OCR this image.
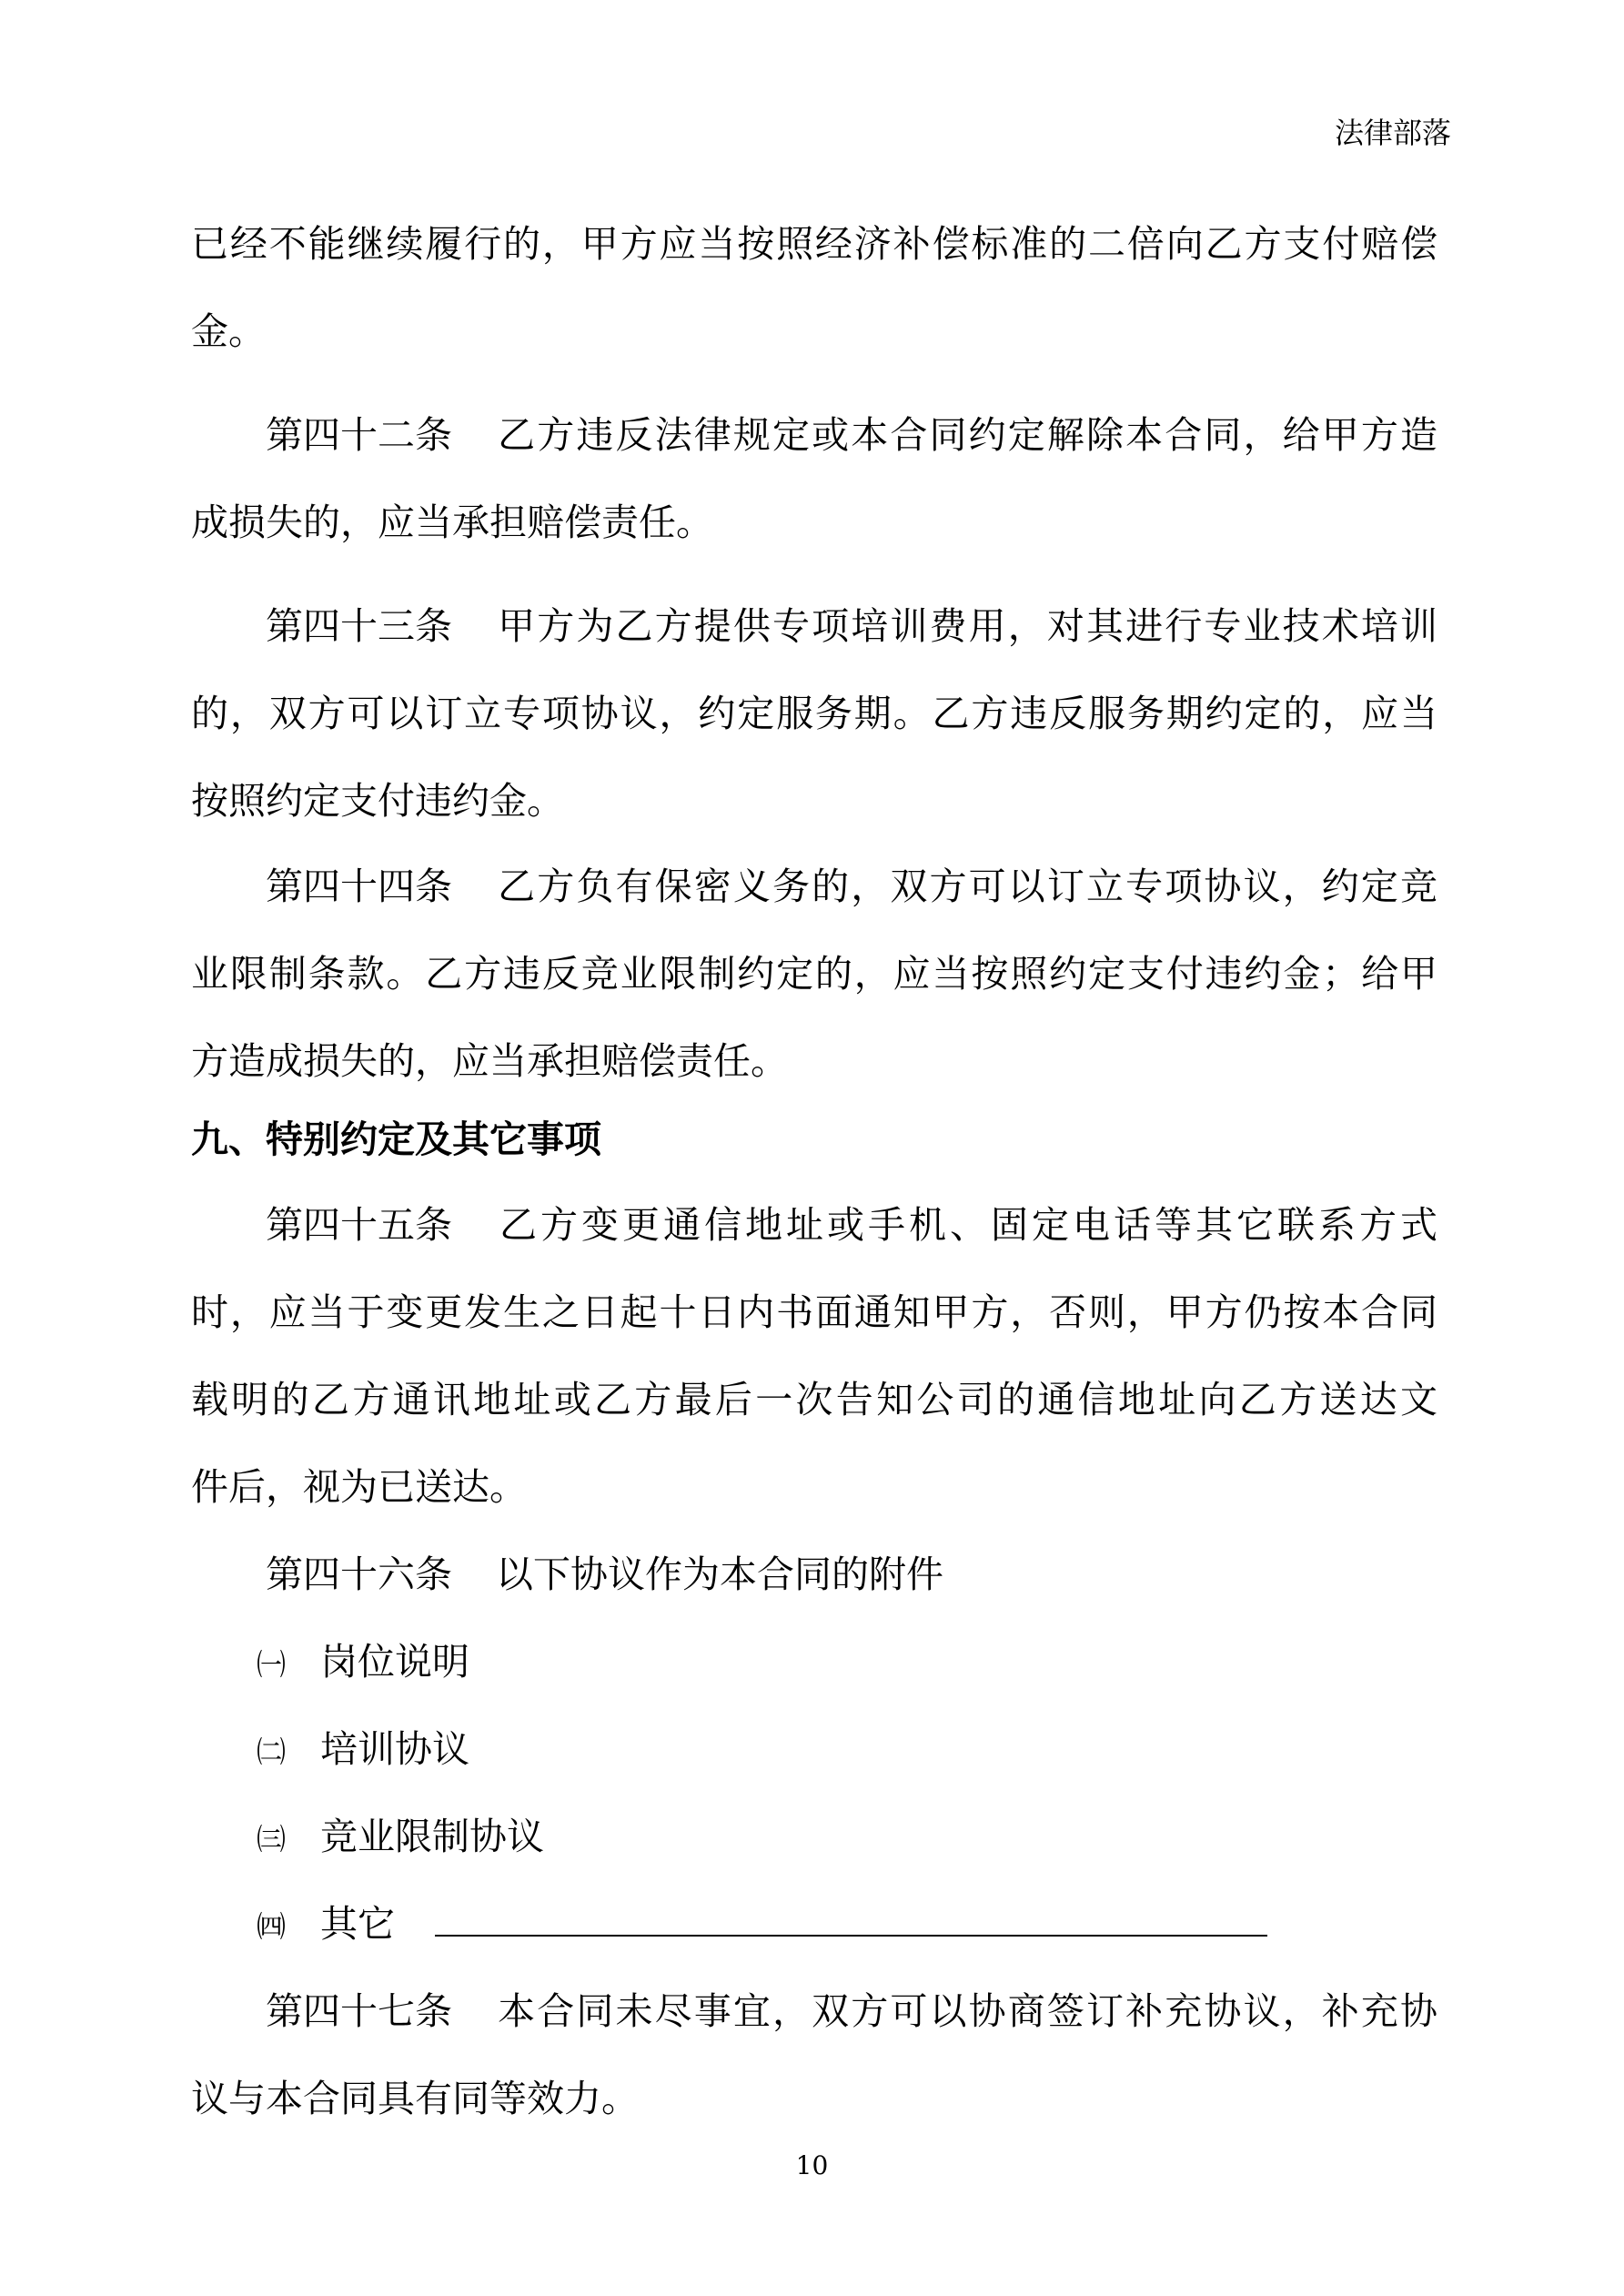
法律部落
已经不能继续履行的，甲方应当按照经济补偿标准的二倍向乙方支付赔偿
金。
第四十二条 乙方违反法律规定或本合同约定解除本合同，给甲方造
成损失的，应当承担赔偿责任。
第四十三条 甲方为乙方提供专项培训费用，对其进行专业技术培训
的，双方可以订立专项协议，约定服务期。乙方违反服务期约定的，应当
按照约定支付违约金。
第四十四条 乙方负有保密义务的，双方可以订立专项协议，约定竞
业限制条款。乙方违反竞业限制约定的，应当按照约定支付违约金；给甲
方造成损失的，应当承担赔偿责任。
九、特别约定及其它事项
第四十五条 乙方变更通信地址或手机、固定电话等其它联系方式
时，应当于变更发生之日起十日内书面通知甲方，否则，甲方仍按本合同
载明的乙方通讯地址或乙方最后一次告知公司的通信地址向乙方送达文
件后，视为已送达。
第四十六条 以下协议作为本合同的附件
㈠ 岗位说明
㈡ 培训协议
㈢ 竞业限制协议
㈣ 其它
第四十七条 本合同未尽事宜，双方可以协商签订补充协议，补充协
议与本合同具有同等效力。
10
